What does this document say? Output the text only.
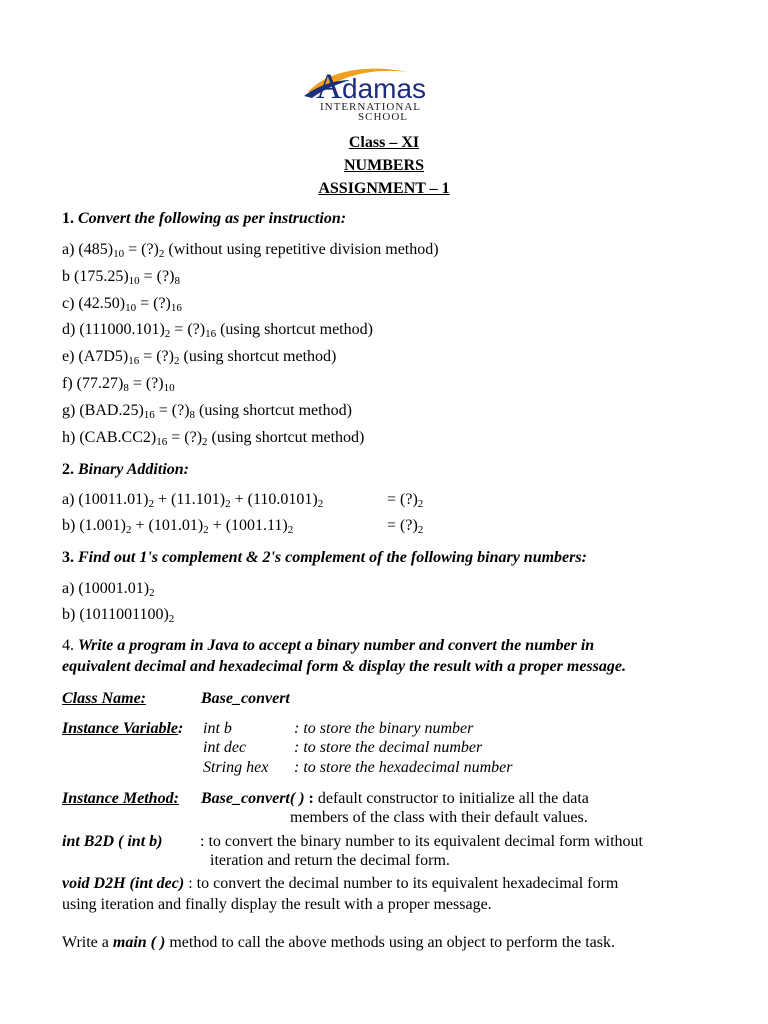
A damas
INTERNATIONAL
SCHOOL
Class – XI
NUMBERS
ASSIGNMENT – 1
1. Convert the following as per instruction:
a) $(485)_{10}$ = $(?)_2$ (without using repetitive division method)
b $(175.25)_{10}$ = $(?)_8$
c) $(42.50)_{10}$ = $(?)_{16}$
d) $(111000.101)_2$ = $(?)_{16}$ (using shortcut method)
e) $(A7D5)_{16}$ = $(?)_2$ (using shortcut method)
f) $(77.27)_8$ = $(?)_{10}$
g) $(BAD.25)_{16}$ = $(?)_8$ (using shortcut method)
h) $(CAB.CC2)_{16}$ = $(?)_2$ (using shortcut method)
2. Binary Addition:
a) $(10011.01)_2 + (11.101)_2 + (110.0101)_2$	= $(?)_2$
b) $(1.001)_2 + (101.01)_2 + (1001.11)_2$	= $(?)_2$
3. Find out 1's complement & 2's complement of the following binary numbers:
a) $(10001.01)_2$
b) $(1011001100)_2$
4. Write a program in Java to accept a binary number and convert the number in
equivalent decimal and hexadecimal form & display the result with a proper message.
Class Name:	Base_convert
Instance Variable: int b	: to store the binary number
int dec	: to store the decimal number
String hex : to store the hexadecimal number
Instance Method: Base_convert( ) : default constructor to initialize all the data
members of the class with their default values.
int B2D ( int b) : to convert the binary number to its equivalent decimal form without
iteration and return the decimal form.
void D2H (int dec) : to convert the decimal number to its equivalent hexadecimal form
using iteration and finally display the result with a proper message.
Write a main ( ) method to call the above methods using an object to perform the task.
